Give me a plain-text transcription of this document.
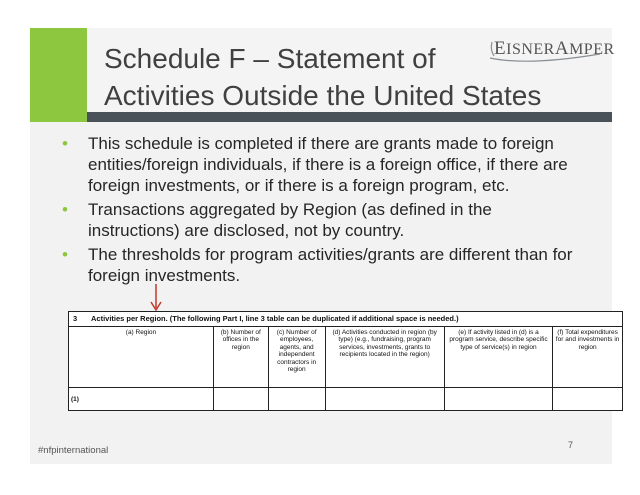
Schedule F – Statement of
Activities Outside the United States
EISNERAMPER
• This schedule is completed if there are grants made to foreign entities/foreign individuals, if there is a foreign office, if there are foreign investments, or if there is a foreign program, etc.
• Transactions aggregated by Region (as defined in the instructions) are disclosed, not by country.
• The thresholds for program activities/grants are different than for foreign investments.
3 Activities per Region. (The following Part I, line 3 table can be duplicated if additional space is needed.)					
(a) Region	(b) Number of offices in the region	(c) Number of employees, agents, and independent contractors in region	(d) Activities conducted in region (by type) (e.g., fundraising, program services, investments, grants to recipients located in the region)	(e) If activity listed in (d) is a program service, describe specific type of service(s) in region	(f) Total expenditures for and investments in region
(1)					
#nfpinternational	7
